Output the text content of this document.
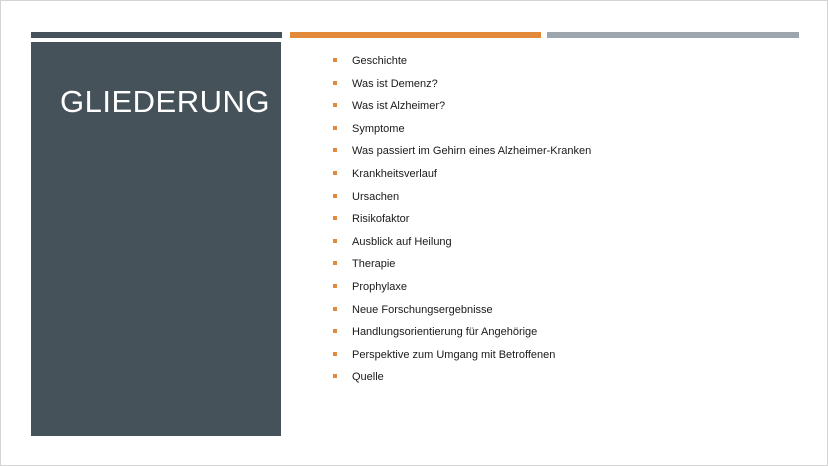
GLIEDERUNG
Geschichte
Was ist Demenz?
Was ist Alzheimer?
Symptome
Was passiert im Gehirn eines Alzheimer-Kranken
Krankheitsverlauf
Ursachen
Risikofaktor
Ausblick auf Heilung
Therapie
Prophylaxe
Neue Forschungsergebnisse
Handlungsorientierung für Angehörige
Perspektive zum Umgang mit Betroffenen
Quelle
